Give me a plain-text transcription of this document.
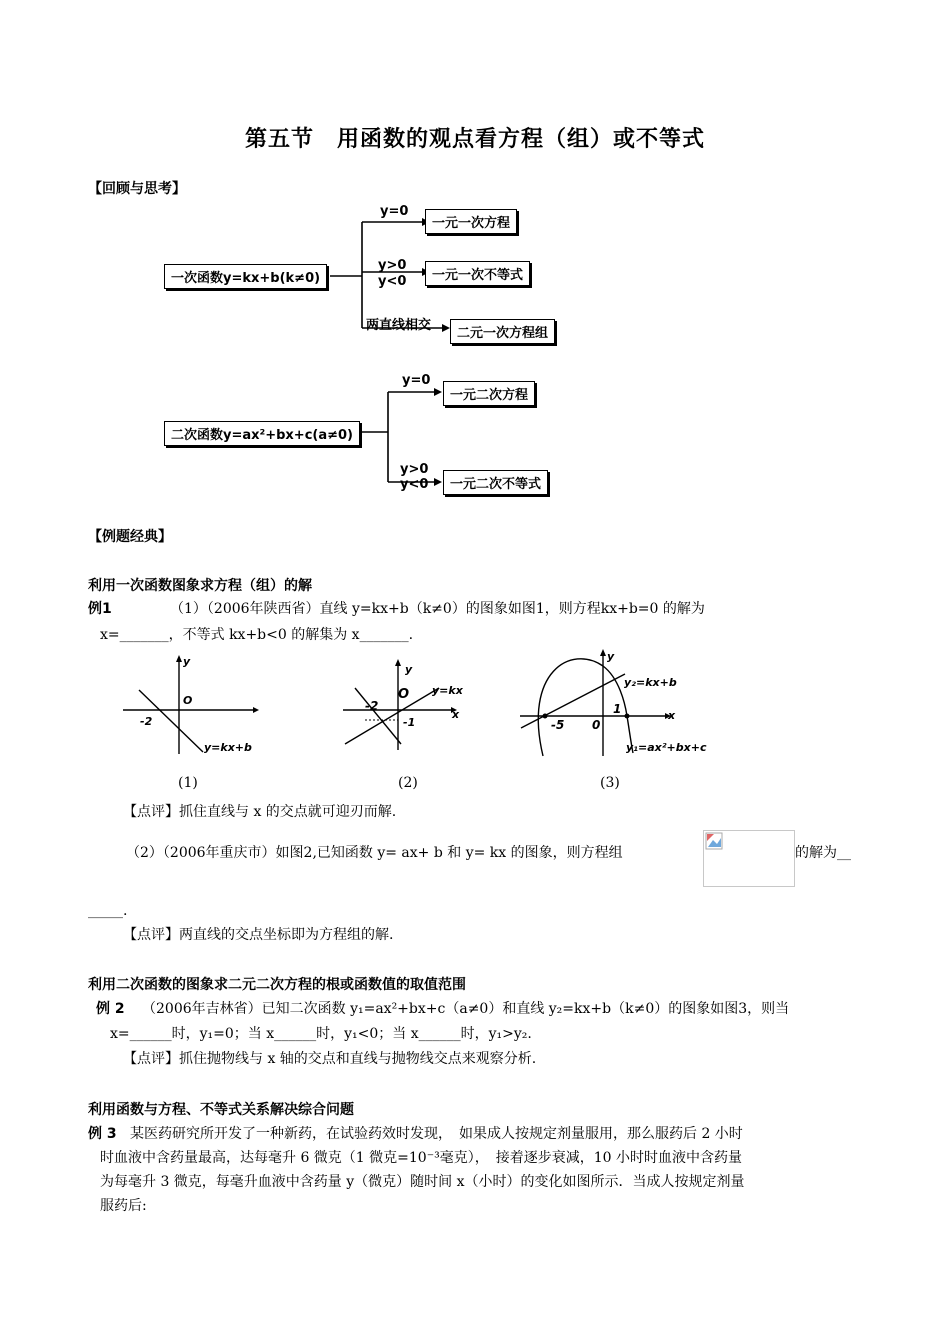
第五节　用函数的观点看方程（组）或不等式
【回顾与思考】
一次函数y=kx+b(k≠0)
y=0
一元一次方程
y>0
y<0	一元一次不等式
两直线相交
二元一次方程组
二次函数y=ax²+bx+c(a≠0)
y=0
一元二次方程
y>0
y<0	一元二次不等式
【例题经典】
利用一次函数图象求方程（组）的解
例1	（1）（2006年陕西省）直线 y=kx+b（k≠0）的图象如图1，则方程kx+b=0 的解为
x=_______，不等式 kx+b<0 的解集为 x_______.
y
O
-2
y=kx+b
(1)
y
O y=kx
x
-2
-1
(2)
y
y₂=kx+b
x
1
-5 0
y₁=ax²+bx+c
(3)
【点评】抓住直线与 x 的交点就可迎刃而解.
（2）（2006年重庆市）如图2,已知函数 y= ax+ b 和 y= kx 的图象，则方程组	的解为__
_____.
【点评】两直线的交点坐标即为方程组的解.
利用二次函数的图象求二元二次方程的根或函数值的取值范围
例 2 （2006年吉林省）已知二次函数 y₁=ax²+bx+c（a≠0）和直线 y₂=kx+b（k≠0）的图象如图3，则当
x=______时，y₁=0；当 x______时，y₁<0；当 x______时，y₁>y₂.
【点评】抓住抛物线与 x 轴的交点和直线与抛物线交点来观察分析.
利用函数与方程、不等式关系解决综合问题
例 3 某医药研究所开发了一种新药，在试验药效时发现，　如果成人按规定剂量服用，那么服药后 2 小时
时血液中含药量最高，达每毫升 6 微克（1 微克=10⁻³毫克），　接着逐步衰减，10 小时时血液中含药量
为每毫升 3 微克，每毫升血液中含药量 y（微克）随时间 x（小时）的变化如图所示．当成人按规定剂量
服药后:
